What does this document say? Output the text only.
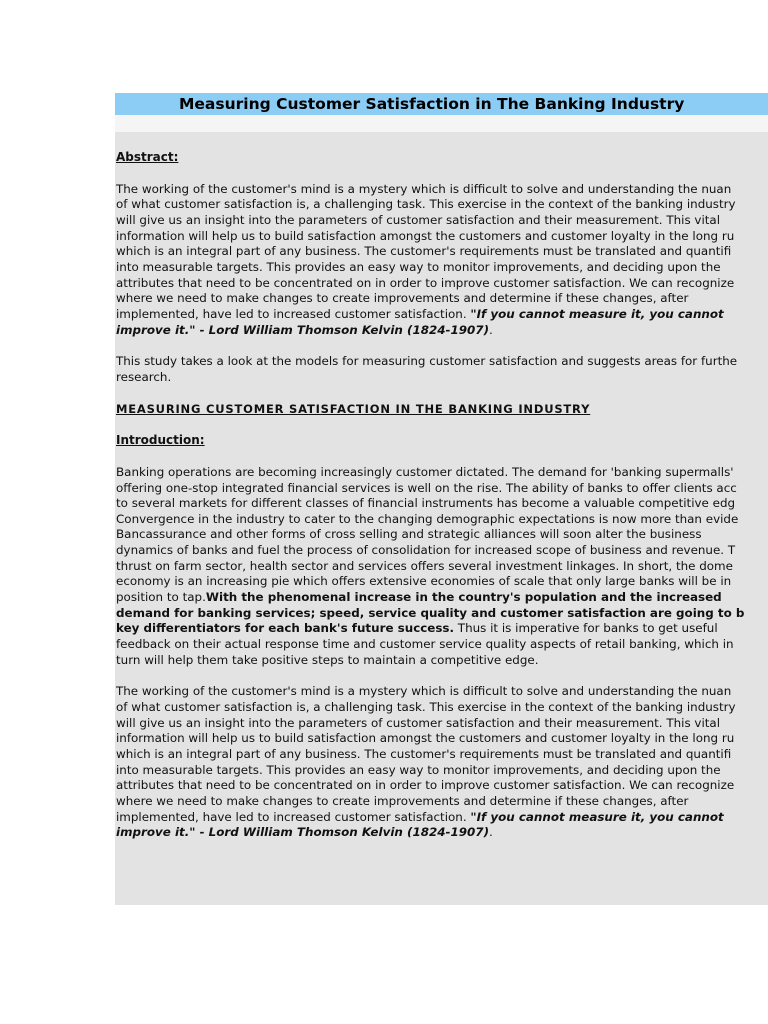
Measuring Customer Satisfaction in The Banking Industry

Abstract:

The working of the customer's mind is a mystery which is difficult to solve and understanding the nuan
of what customer satisfaction is, a challenging task. This exercise in the context of the banking industry
will give us an insight into the parameters of customer satisfaction and their measurement. This vital
information will help us to build satisfaction amongst the customers and customer loyalty in the long ru
which is an integral part of any business. The customer's requirements must be translated and quantifi
into measurable targets. This provides an easy way to monitor improvements, and deciding upon the
attributes that need to be concentrated on in order to improve customer satisfaction. We can recognize
where we need to make changes to create improvements and determine if these changes, after
implemented, have led to increased customer satisfaction. "If you cannot measure it, you cannot
improve it." - Lord William Thomson Kelvin (1824-1907).

This study takes a look at the models for measuring customer satisfaction and suggests areas for furthe
research.

MEASURING CUSTOMER SATISFACTION IN THE BANKING INDUSTRY

Introduction:

Banking operations are becoming increasingly customer dictated. The demand for 'banking supermalls'
offering one-stop integrated financial services is well on the rise. The ability of banks to offer clients acc
to several markets for different classes of financial instruments has become a valuable competitive edg
Convergence in the industry to cater to the changing demographic expectations is now more than evide
Bancassurance and other forms of cross selling and strategic alliances will soon alter the business
dynamics of banks and fuel the process of consolidation for increased scope of business and revenue. T
thrust on farm sector, health sector and services offers several investment linkages. In short, the dome
economy is an increasing pie which offers extensive economies of scale that only large banks will be in
position to tap.With the phenomenal increase in the country's population and the increased
demand for banking services; speed, service quality and customer satisfaction are going to b
key differentiators for each bank's future success. Thus it is imperative for banks to get useful
feedback on their actual response time and customer service quality aspects of retail banking, which in
turn will help them take positive steps to maintain a competitive edge.

The working of the customer's mind is a mystery which is difficult to solve and understanding the nuan
of what customer satisfaction is, a challenging task. This exercise in the context of the banking industry
will give us an insight into the parameters of customer satisfaction and their measurement. This vital
information will help us to build satisfaction amongst the customers and customer loyalty in the long ru
which is an integral part of any business. The customer's requirements must be translated and quantifi
into measurable targets. This provides an easy way to monitor improvements, and deciding upon the
attributes that need to be concentrated on in order to improve customer satisfaction. We can recognize
where we need to make changes to create improvements and determine if these changes, after
implemented, have led to increased customer satisfaction. "If you cannot measure it, you cannot
improve it." - Lord William Thomson Kelvin (1824-1907).
